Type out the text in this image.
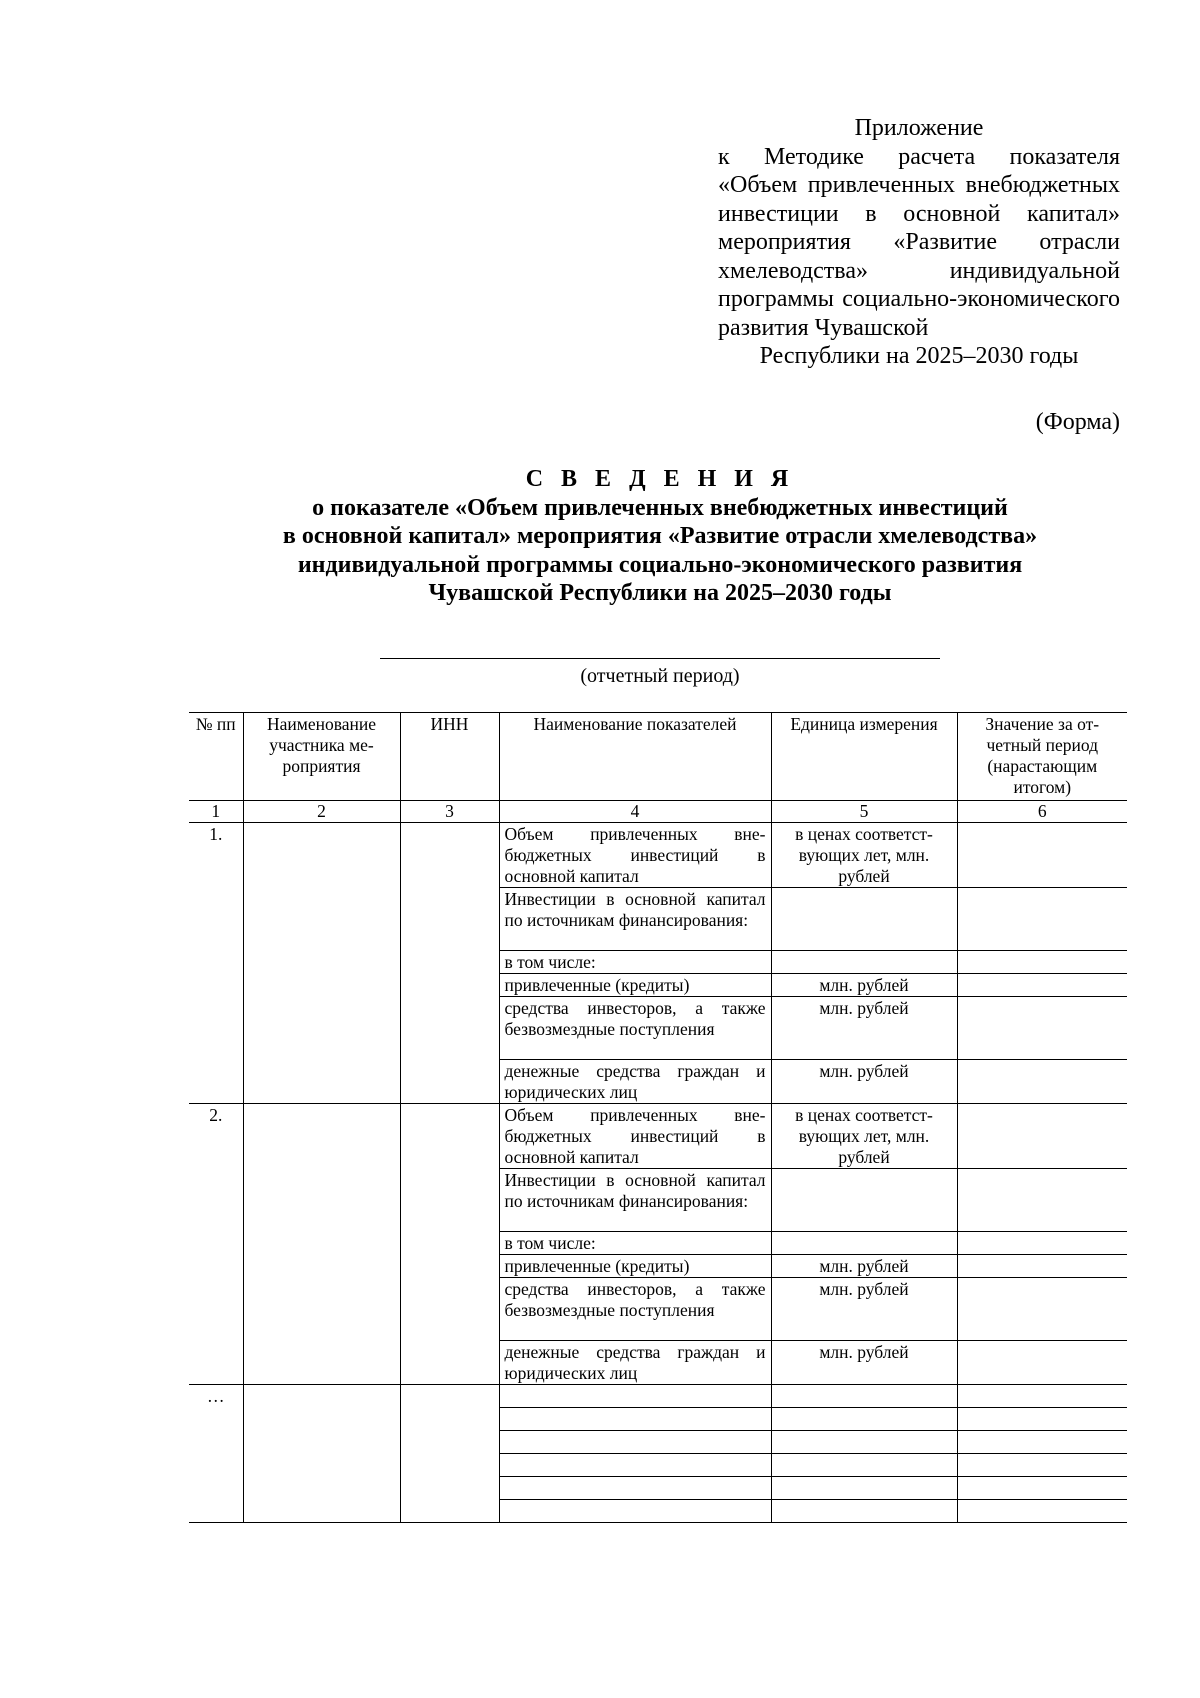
Приложение
к Методике расчета показателя «Объем привлеченных внебюджетных инвестиции в основной капитал» мероприятия «Развитие отрасли хмелеводства» индивидуальной программы социально-экономического развития Чувашской
Республики на 2025–2030 годы
(Форма)
С В Е Д Е Н И Я
о показателе «Объем привлеченных внебюджетных инвестиций
в основной капитал» мероприятия «Развитие отрасли хмелеводства»
индивидуальной программы социально-экономического развития
Чувашской Республики на 2025–2030 годы
(отчетный период)
№ пп	Наименование участника мероприятия	ИНН	Наименование показателей	Единица измерения	Значение за отчетный период (нарастающим итогом)
1	2	3	4	5	6
1.			Объем привлеченных внебюджетных инвестиций в основной капитал	в ценах соответствующих лет, млн. рублей	
			Инвестиции в основной капитал по источникам финансирования:		
			в том числе:		
			привлеченные (кредиты)	млн. рублей	
			средства инвесторов, а также безвозмездные поступления	млн. рублей	
			денежные средства граждан и юридических лиц	млн. рублей	
2.			Объем привлеченных внебюджетных инвестиций в основной капитал	в ценах соответствующих лет, млн. рублей	
			Инвестиции в основной капитал по источникам финансирования:		
			в том числе:		
			привлеченные (кредиты)	млн. рублей	
			средства инвесторов, а также безвозмездные поступления	млн. рублей	
			денежные средства граждан и юридических лиц	млн. рублей	
…					
